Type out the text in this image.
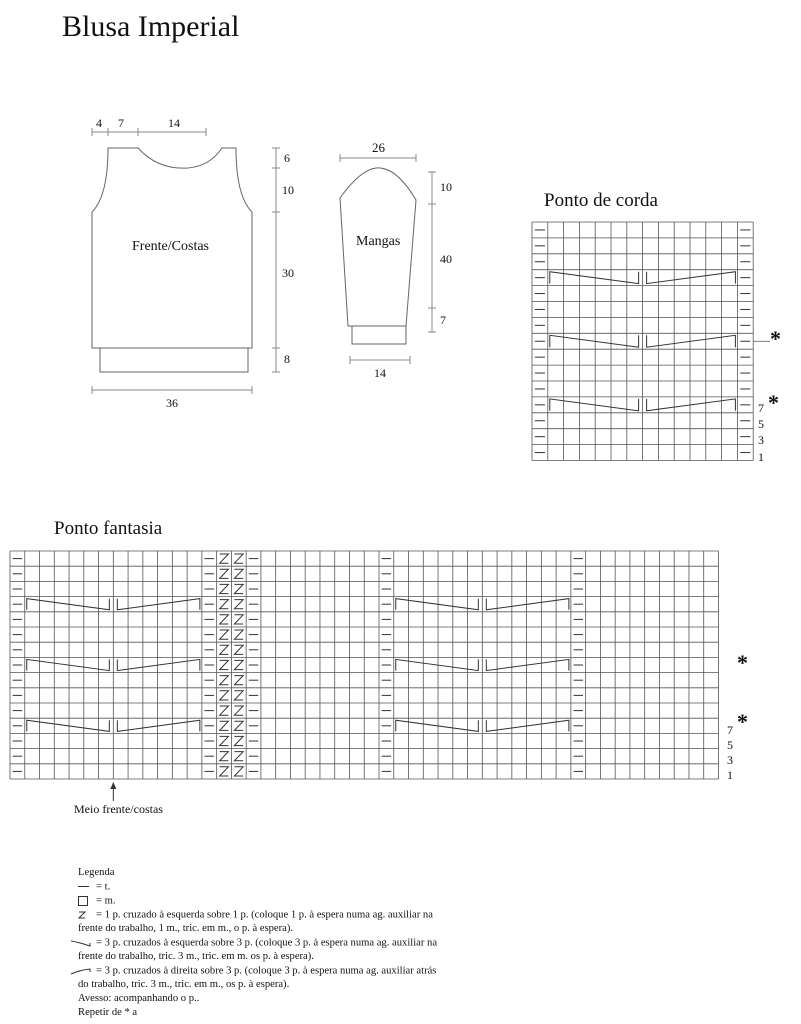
Blusa Imperial
4 7	14
Frente/Costas
6
10
30
8
36
26
Mangas
10
40
7
14
Ponto de corda
7
5
3
1
*
*
Ponto fantasia
7
5
3
1
*
*
Meio frente/costas
Legenda
= t.
= m.
= 1 p. cruzado à esquerda sobre 1 p. (coloque 1 p. à espera numa ag. auxiliar na
frente do trabalho, 1 m., tric. em m., o p. à espera).
= 3 p. cruzados à esquerda sobre 3 p. (coloque 3 p. à espera numa ag. auxiliar na
frente do trabalho, tric. 3 m., tric. em m. os p. à espera).
= 3 p. cruzados à direita sobre 3 p. (coloque 3 p. à espera numa ag. auxiliar atrás
do trabalho, tric. 3 m., tric. em m., os p. à espera).
Avesso: acompanhando o p..
Repetir de * a
